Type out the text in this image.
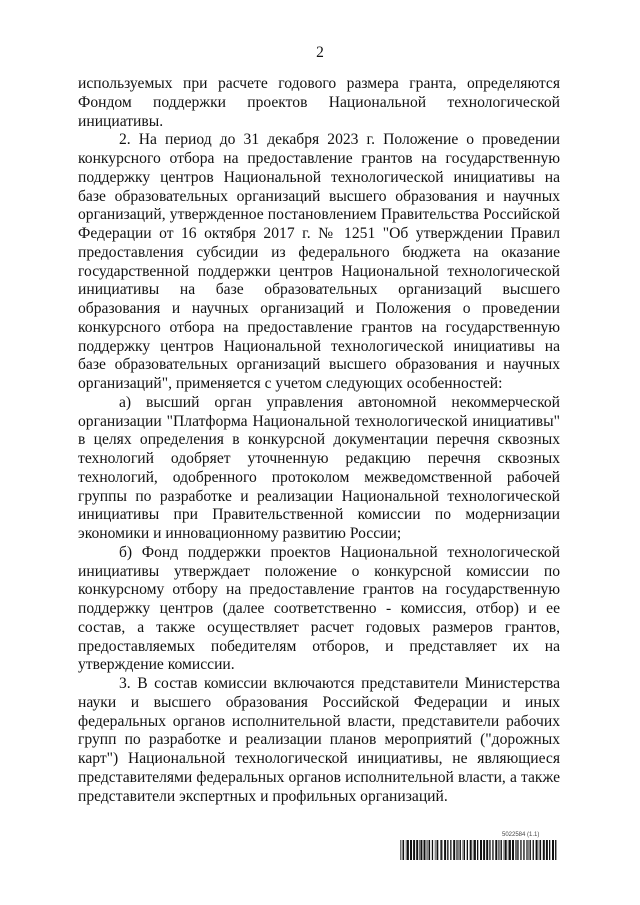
2

используемых при расчете годового размера гранта, определяются Фондом поддержки проектов Национальной технологической инициативы.

2. На период до 31 декабря 2023 г. Положение о проведении конкурсного отбора на предоставление грантов на государственную поддержку центров Национальной технологической инициативы на базе образовательных организаций высшего образования и научных организаций, утвержденное постановлением Правительства Российской Федерации от 16 октября 2017 г. № 1251 "Об утверждении Правил предоставления субсидии из федерального бюджета на оказание государственной поддержки центров Национальной технологической инициативы на базе образовательных организаций высшего образования и научных организаций и Положения о проведении конкурсного отбора на предоставление грантов на государственную поддержку центров Национальной технологической инициативы на базе образовательных организаций высшего образования и научных организаций", применяется с учетом следующих особенностей:

а) высший орган управления автономной некоммерческой организации "Платформа Национальной технологической инициативы" в целях определения в конкурсной документации перечня сквозных технологий одобряет уточненную редакцию перечня сквозных технологий, одобренного протоколом межведомственной рабочей группы по разработке и реализации Национальной технологической инициативы при Правительственной комиссии по модернизации экономики и инновационному развитию России;

б) Фонд поддержки проектов Национальной технологической инициативы утверждает положение о конкурсной комиссии по конкурсному отбору на предоставление грантов на государственную поддержку центров (далее соответственно - комиссия, отбор) и ее состав, а также осуществляет расчет годовых размеров грантов, предоставляемых победителям отборов, и представляет их на утверждение комиссии.

3. В состав комиссии включаются представители Министерства науки и высшего образования Российской Федерации и иных федеральных органов исполнительной власти, представители рабочих групп по разработке и реализации планов мероприятий ("дорожных карт") Национальной технологической инициативы, не являющиеся представителями федеральных органов исполнительной власти, а также представители экспертных и профильных организаций.

5022584 (1.1)
